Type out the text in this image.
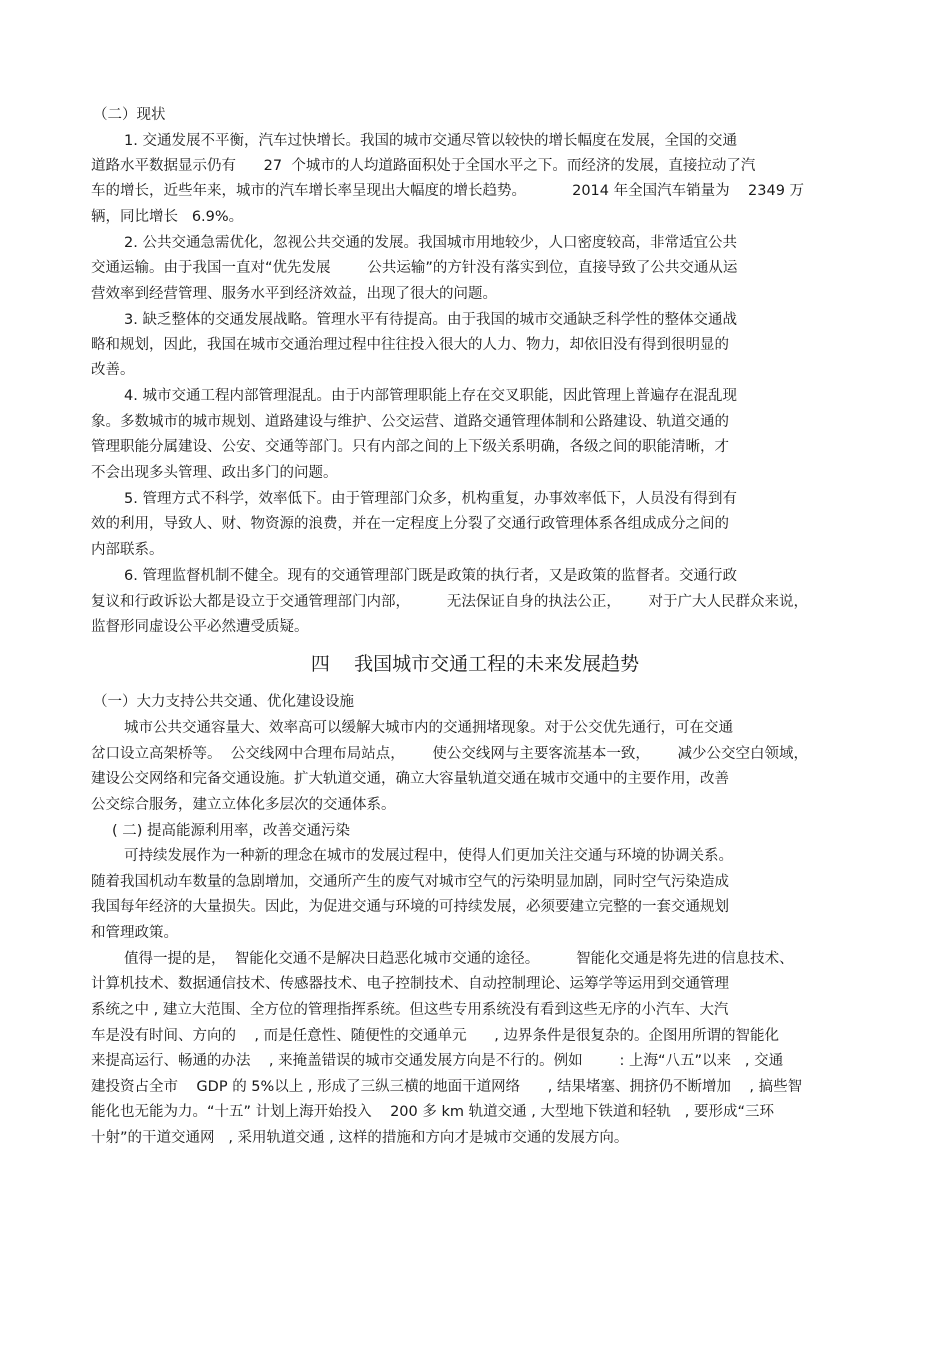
（二）现状

1. 交通发展不平衡，汽车过快增长。我国的城市交通尽管以较快的增长幅度在发展，全国的交通

道路水平数据显示仍有      27  个城市的人均道路面积处于全国水平之下。而经济的发展，直接拉动了汽

车的增长，近些年来，城市的汽车增长率呈现出大幅度的增长趋势。          2014 年全国汽车销量为    2349 万

辆，同比增长   6.9%。

2. 公共交通急需优化，忽视公共交通的发展。我国城市用地较少，人口密度较高，非常适宜公共

交通运输。由于我国一直对“优先发展        公共运输”的方针没有落实到位，直接导致了公共交通从运

营效率到经营管理、服务水平到经济效益，出现了很大的问题。

3. 缺乏整体的交通发展战略。管理水平有待提高。由于我国的城市交通缺乏科学性的整体交通战

略和规划，因此，我国在城市交通治理过程中往往投入很大的人力、物力，却依旧没有得到很明显的

改善。

4. 城市交通工程内部管理混乱。由于内部管理职能上存在交叉职能，因此管理上普遍存在混乱现

象。多数城市的城市规划、道路建设与维护、公交运营、道路交通管理体制和公路建设、轨道交通的

管理职能分属建设、公安、交通等部门。只有内部之间的上下级关系明确，各级之间的职能清晰，才

不会出现多头管理、政出多门的问题。

5. 管理方式不科学，效率低下。由于管理部门众多，机构重复，办事效率低下，人员没有得到有

效的利用，导致人、财、物资源的浪费，并在一定程度上分裂了交通行政管理体系各组成成分之间的

内部联系。

6. 管理监督机制不健全。现有的交通管理部门既是政策的执行者，又是政策的监督者。交通行政

复议和行政诉讼大都是设立于交通管理部门内部，        无法保证自身的执法公正，      对于广大人民群众来说，

监督形同虚设公平必然遭受质疑。

四    我国城市交通工程的未来发展趋势

（一）大力支持公共交通、优化建设设施

城市公共交通容量大、效率高可以缓解大城市内的交通拥堵现象。对于公交优先通行，可在交通

岔口设立高架桥等。  公交线网中合理布局站点，      使公交线网与主要客流基本一致，      减少公交空白领域，

建设公交网络和完备交通设施。扩大轨道交通，确立大容量轨道交通在城市交通中的主要作用，改善

公交综合服务，建立立体化多层次的交通体系。

( 二) 提高能源利用率，改善交通污染

可持续发展作为一种新的理念在城市的发展过程中，使得人们更加关注交通与环境的协调关系。

随着我国机动车数量的急剧增加，交通所产生的废气对城市空气的污染明显加剧，同时空气污染造成

我国每年经济的大量损失。因此，为促进交通与环境的可持续发展，必须要建立完整的一套交通规划

和管理政策。

值得一提的是，  智能化交通不是解决日趋恶化城市交通的途径。        智能化交通是将先进的信息技术、

计算机技术、数据通信技术、传感器技术、电子控制技术、自动控制理论、运筹学等运用到交通管理

系统之中 , 建立大范围、全方位的管理指挥系统。但这些专用系统没有看到这些无序的小汽车、大汽

车是没有时间、方向的    , 而是任意性、随便性的交通单元      , 边界条件是很复杂的。企图用所谓的智能化

来提高运行、畅通的办法    , 来掩盖错误的城市交通发展方向是不行的。例如        : 上海“八五”以来   , 交通

建投资占全市    GDP 的 5%以上 , 形成了三纵三横的地面干道网络      , 结果堵塞、拥挤仍不断增加    , 搞些智

能化也无能为力。“十五” 计划上海开始投入    200 多 km 轨道交通 , 大型地下铁道和轻轨   , 要形成“三环

十射”的干道交通网   , 采用轨道交通 , 这样的措施和方向才是城市交通的发展方向。
